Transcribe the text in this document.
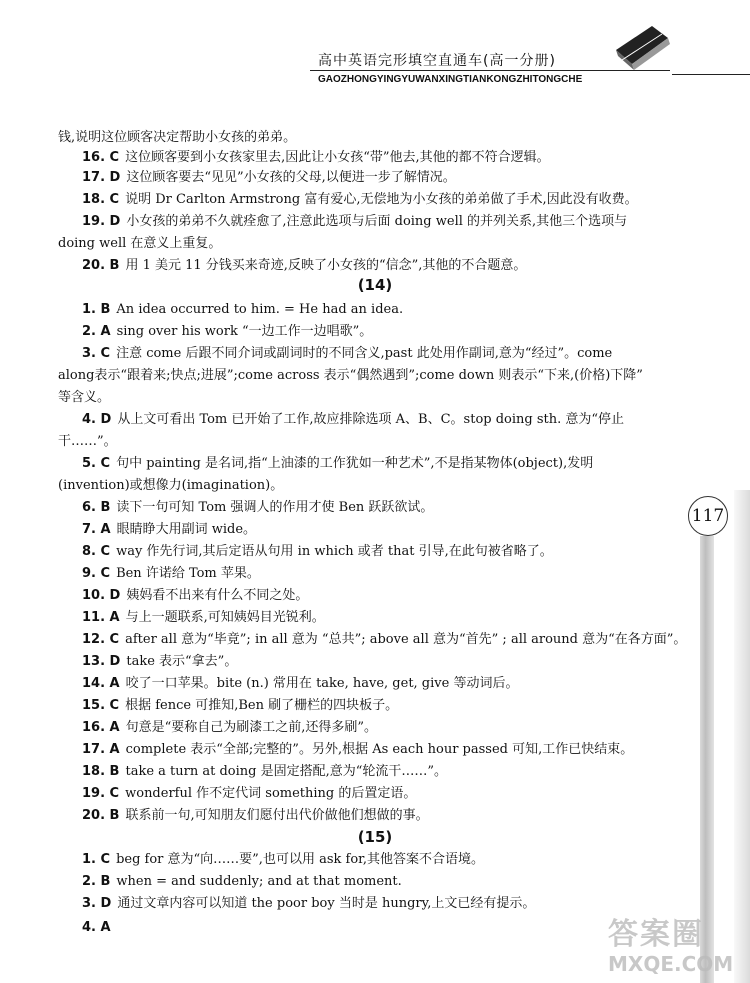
高中英语完形填空直通车(高一分册)
GAOZHONGYINGYUWANXINGTIANKONGZHITONGCHE
钱,说明这位顾客决定帮助小女孩的弟弟。
16. C 这位顾客要到小女孩家里去,因此让小女孩“带”他去,其他的都不符合逻辑。
17. D 这位顾客要去“见见”小女孩的父母,以便进一步了解情况。
18. C 说明 Dr Carlton Armstrong 富有爱心,无偿地为小女孩的弟弟做了手术,因此没有收费。
19. D 小女孩的弟弟不久就痊愈了,注意此选项与后面 doing well 的并列关系,其他三个选项与
doing well 在意义上重复。
20. B 用 1 美元 11 分钱买来奇迹,反映了小女孩的“信念”,其他的不合题意。
1. B An idea occurred to him. = He had an idea.
2. A sing over his work “一边工作一边唱歌”。
3. C 注意 come 后跟不同介词或副词时的不同含义,past 此处用作副词,意为“经过”。come
along表示“跟着来;快点;进展”;come across 表示“偶然遇到”;come down 则表示“下来,(价格)下降”
等含义。
4. D 从上文可看出 Tom 已开始了工作,故应排除选项 A、B、C。stop doing sth. 意为“停止
干……”。
5. C 句中 painting 是名词,指“上油漆的工作犹如一种艺术”,不是指某物体(object),发明
(invention)或想像力(imagination)。
6. B 读下一句可知 Tom 强调人的作用才使 Ben 跃跃欲试。
7. A 眼睛睁大用副词 wide。
8. C way 作先行词,其后定语从句用 in which 或者 that 引导,在此句被省略了。
9. C Ben 许诺给 Tom 苹果。
10. D 姨妈看不出来有什么不同之处。
11. A 与上一题联系,可知姨妈目光锐利。
12. C after all 意为“毕竟”; in all 意为 “总共”; above all 意为“首先” ; all around 意为“在各方面”。
13. D take 表示“拿去”。
14. A 咬了一口苹果。bite (n.) 常用在 take, have, get, give 等动词后。
15. C 根据 fence 可推知,Ben 刷了栅栏的四块板子。
16. A 句意是“要称自己为刷漆工之前,还得多刷”。
17. A complete 表示“全部;完整的”。另外,根据 As each hour passed 可知,工作已快结束。
18. B take a turn at doing 是固定搭配,意为“轮流干……”。
19. C wonderful 作不定代词 something 的后置定语。
20. B 联系前一句,可知朋友们愿付出代价做他们想做的事。
1. C beg for 意为“向……要”,也可以用 ask for,其他答案不合语境。
2. B when = and suddenly; and at that moment.
3. D 通过文章内容可以知道 the poor boy 当时是 hungry,上文已经有提示。
4. A
(14)
(15)
117
答案圈
MXQE.COM
